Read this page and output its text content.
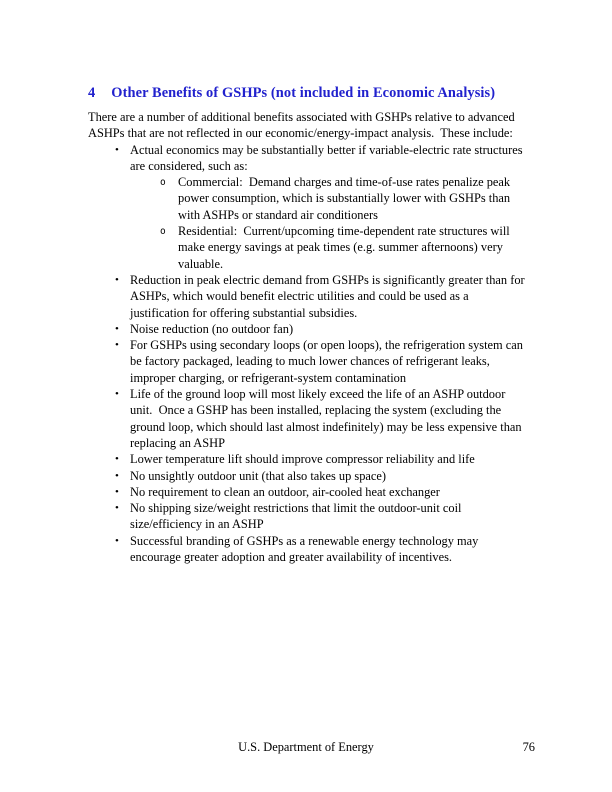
4 Other Benefits of GSHPs (not included in Economic Analysis)

There are a number of additional benefits associated with GSHPs relative to advanced ASHPs that are not reflected in our economic/energy-impact analysis.  These include:

• Actual economics may be substantially better if variable-electric rate structures are considered, such as:
o Commercial:  Demand charges and time-of-use rates penalize peak power consumption, which is substantially lower with GSHPs than with ASHPs or standard air conditioners
o Residential:  Current/upcoming time-dependent rate structures will make energy savings at peak times (e.g. summer afternoons) very valuable.
• Reduction in peak electric demand from GSHPs is significantly greater than for ASHPs, which would benefit electric utilities and could be used as a justification for offering substantial subsidies.
• Noise reduction (no outdoor fan)
• For GSHPs using secondary loops (or open loops), the refrigeration system can be factory packaged, leading to much lower chances of refrigerant leaks, improper charging, or refrigerant-system contamination
• Life of the ground loop will most likely exceed the life of an ASHP outdoor unit.  Once a GSHP has been installed, replacing the system (excluding the ground loop, which should last almost indefinitely) may be less expensive than replacing an ASHP
• Lower temperature lift should improve compressor reliability and life
• No unsightly outdoor unit (that also takes up space)
• No requirement to clean an outdoor, air-cooled heat exchanger
• No shipping size/weight restrictions that limit the outdoor-unit coil size/efficiency in an ASHP
• Successful branding of GSHPs as a renewable energy technology may encourage greater adoption and greater availability of incentives.
U.S. Department of Energy	76
